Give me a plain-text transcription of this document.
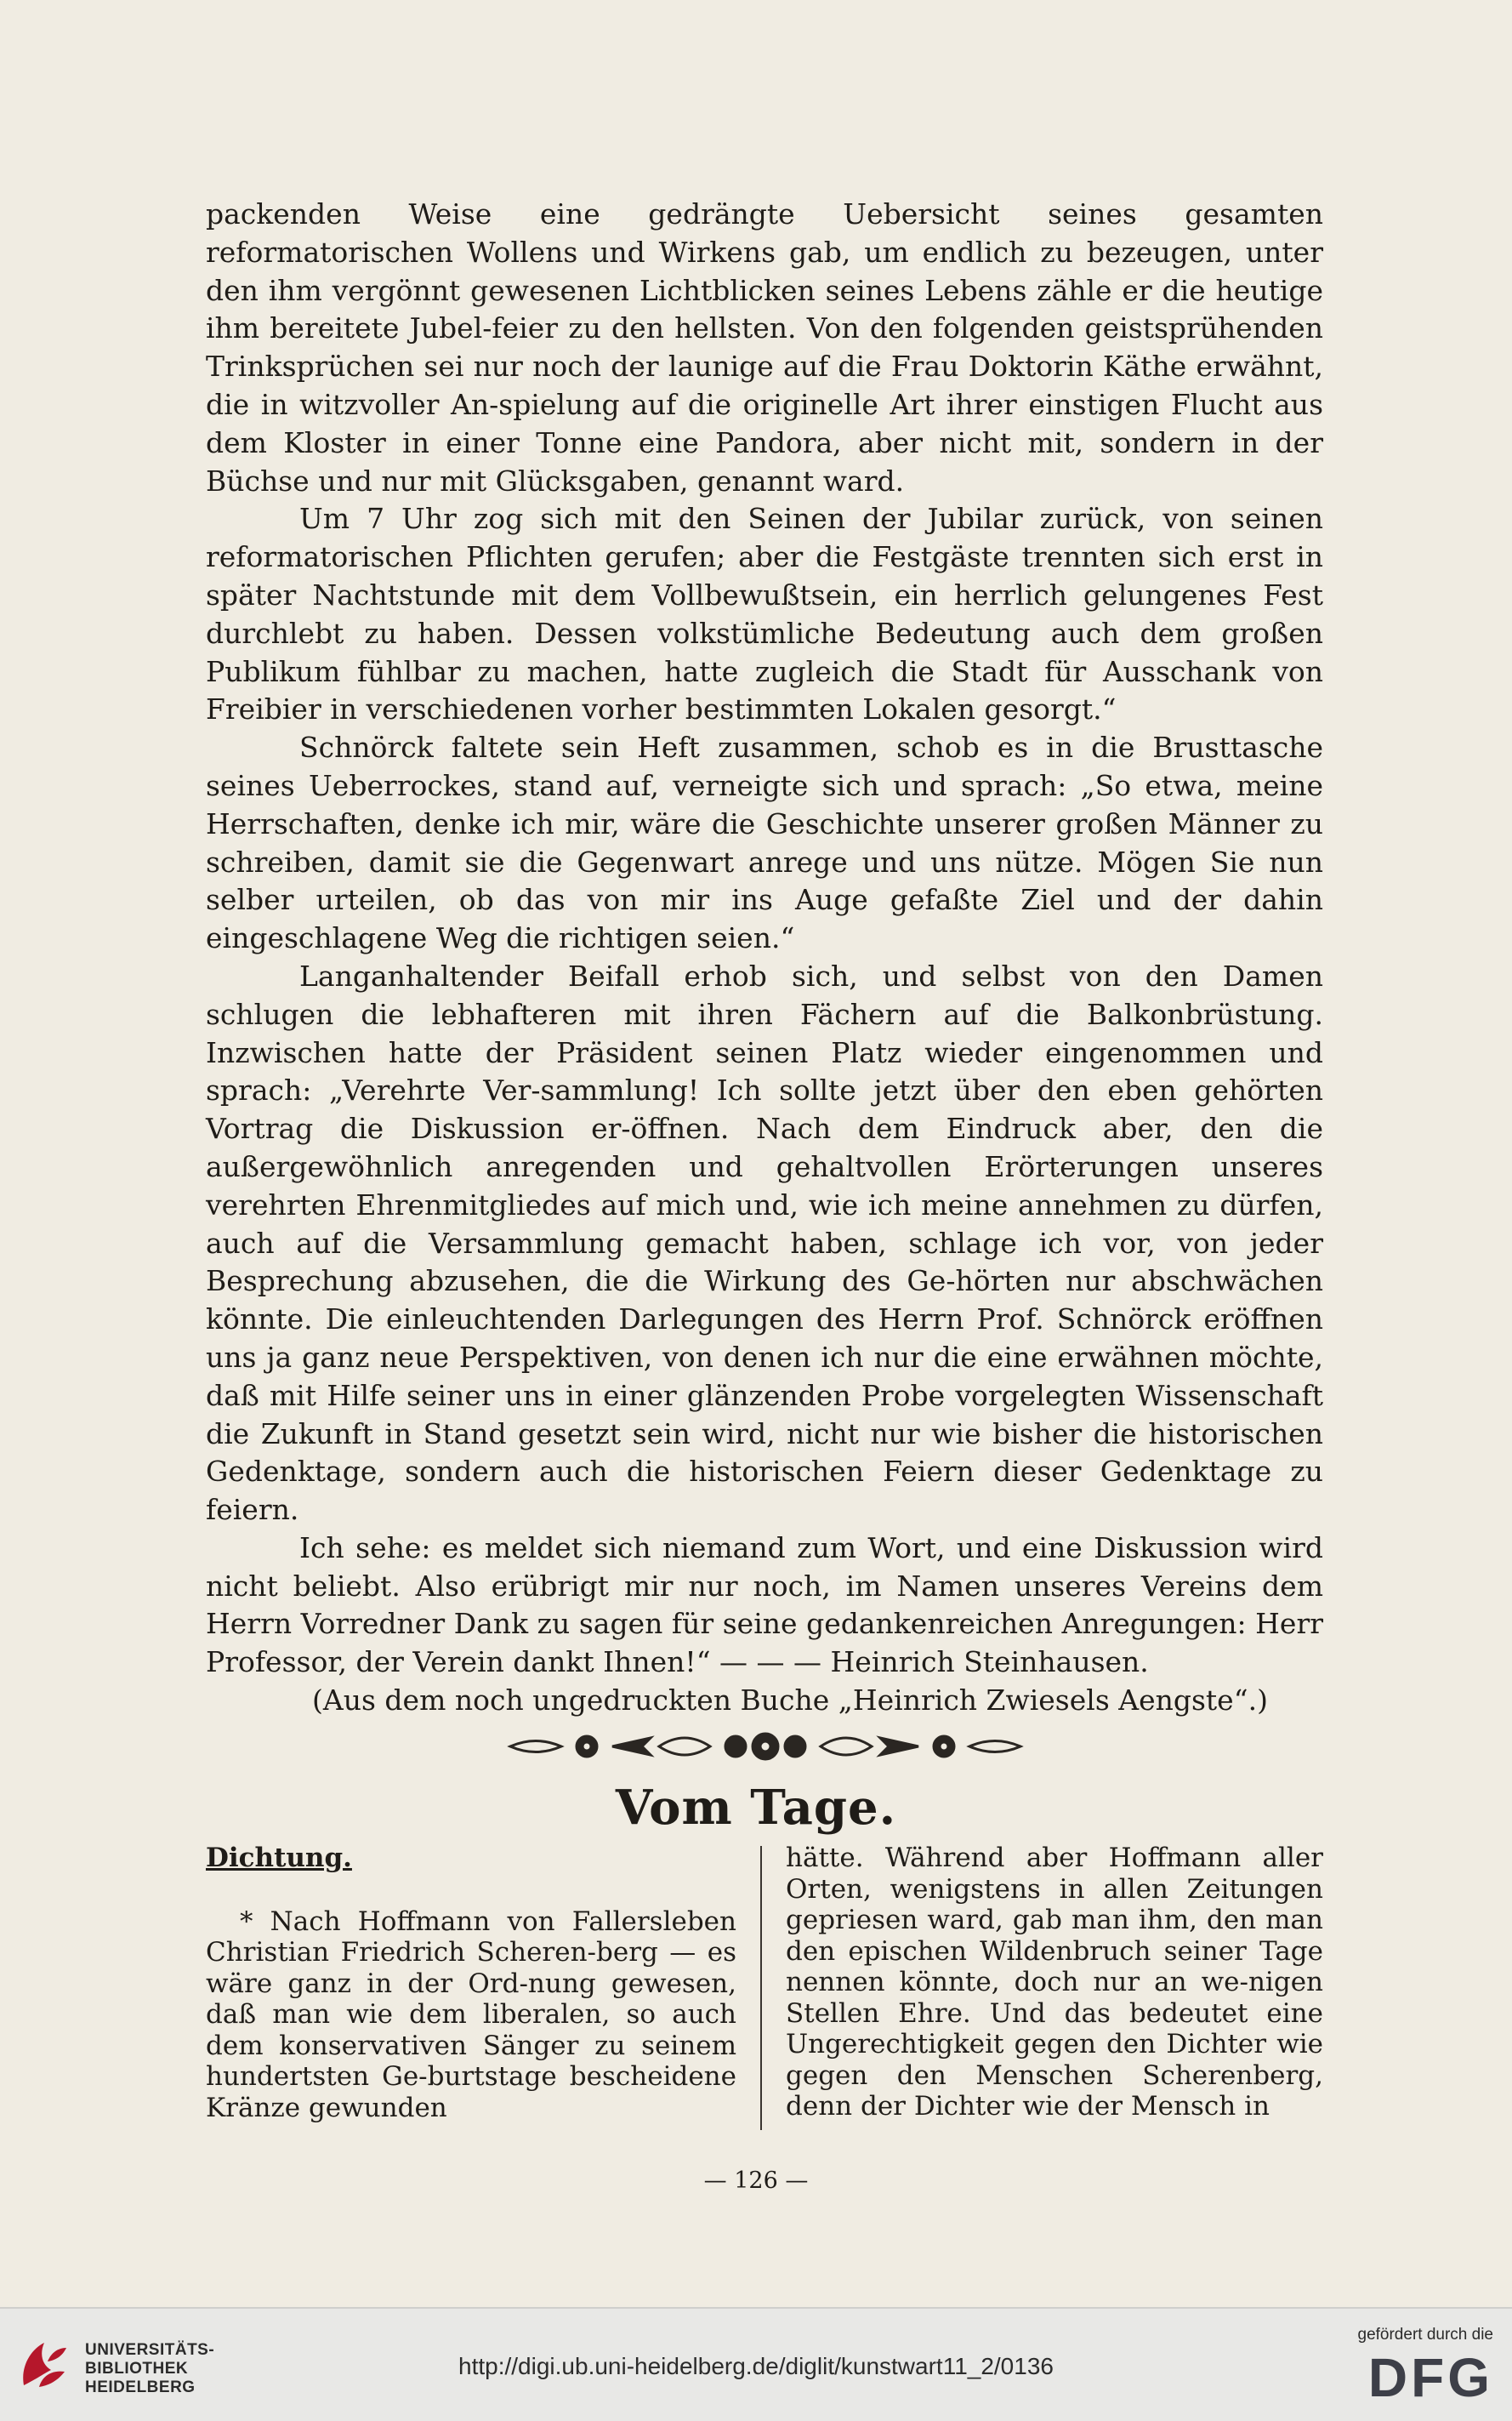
packenden Weise eine gedrängte Uebersicht seines gesamten reformatorischen Wollens und Wirkens gab, um endlich zu bezeugen, unter den ihm vergönnt gewesenen Lichtblicken seines Lebens zähle er die heutige ihm bereitete Jubel-feier zu den hellsten. Von den folgenden geistsprühenden Trinksprüchen sei nur noch der launige auf die Frau Doktorin Käthe erwähnt, die in witzvoller An-spielung auf die originelle Art ihrer einstigen Flucht aus dem Kloster in einer Tonne eine Pandora, aber nicht mit, sondern in der Büchse und nur mit Glücksgaben, genannt ward.

Um 7 Uhr zog sich mit den Seinen der Jubilar zurück, von seinen reformatorischen Pflichten gerufen; aber die Festgäste trennten sich erst in später Nachtstunde mit dem Vollbewußtsein, ein herrlich gelungenes Fest durchlebt zu haben. Dessen volkstümliche Bedeutung auch dem großen Publikum fühlbar zu machen, hatte zugleich die Stadt für Ausschank von Freibier in verschiedenen vorher bestimmten Lokalen gesorgt.“

Schnörck faltete sein Heft zusammen, schob es in die Brusttasche seines Ueberrockes, stand auf, verneigte sich und sprach: „So etwa, meine Herrschaften, denke ich mir, wäre die Geschichte unserer großen Männer zu schreiben, damit sie die Gegenwart anrege und uns nütze. Mögen Sie nun selber urteilen, ob das von mir ins Auge gefaßte Ziel und der dahin eingeschlagene Weg die richtigen seien.“

Langanhaltender Beifall erhob sich, und selbst von den Damen schlugen die lebhafteren mit ihren Fächern auf die Balkonbrüstung. Inzwischen hatte der Präsident seinen Platz wieder eingenommen und sprach: „Verehrte Ver-sammlung! Ich sollte jetzt über den eben gehörten Vortrag die Diskussion er-öffnen. Nach dem Eindruck aber, den die außergewöhnlich anregenden und gehaltvollen Erörterungen unseres verehrten Ehrenmitgliedes auf mich und, wie ich meine annehmen zu dürfen, auch auf die Versammlung gemacht haben, schlage ich vor, von jeder Besprechung abzusehen, die die Wirkung des Ge-hörten nur abschwächen könnte. Die einleuchtenden Darlegungen des Herrn Prof. Schnörck eröffnen uns ja ganz neue Perspektiven, von denen ich nur die eine erwähnen möchte, daß mit Hilfe seiner uns in einer glänzenden Probe vorgelegten Wissenschaft die Zukunft in Stand gesetzt sein wird, nicht nur wie bisher die historischen Gedenktage, sondern auch die historischen Feiern dieser Gedenktage zu feiern.

Ich sehe: es meldet sich niemand zum Wort, und eine Diskussion wird nicht beliebt. Also erübrigt mir nur noch, im Namen unseres Vereins dem Herrn Vorredner Dank zu sagen für seine gedankenreichen Anregungen: Herr Professor, der Verein dankt Ihnen!“ — — — Heinrich Steinhausen.

(Aus dem noch ungedruckten Buche „Heinrich Zwiesels Aengste“.)

Vom Tage.

Dichtung.

* Nach Hoffmann von Fallersleben Christian Friedrich Scheren-berg — es wäre ganz in der Ord-nung gewesen, daß man wie dem liberalen, so auch dem konservativen Sänger zu seinem hundertsten Ge-burtstage bescheidene Kränze gewunden

hätte. Während aber Hoffmann aller Orten, wenigstens in allen Zeitungen gepriesen ward, gab man ihm, den man den epischen Wildenbruch seiner Tage nennen könnte, doch nur an we-nigen Stellen Ehre. Und das bedeutet eine Ungerechtigkeit gegen den Dichter wie gegen den Menschen Scherenberg, denn der Dichter wie der Mensch in

— 126 —
UNIVERSITÄTS-
BIBLIOTHEK
HEIDELBERG
http://digi.ub.uni-heidelberg.de/diglit/kunstwart11_2/0136
gefördert durch die
DFG
